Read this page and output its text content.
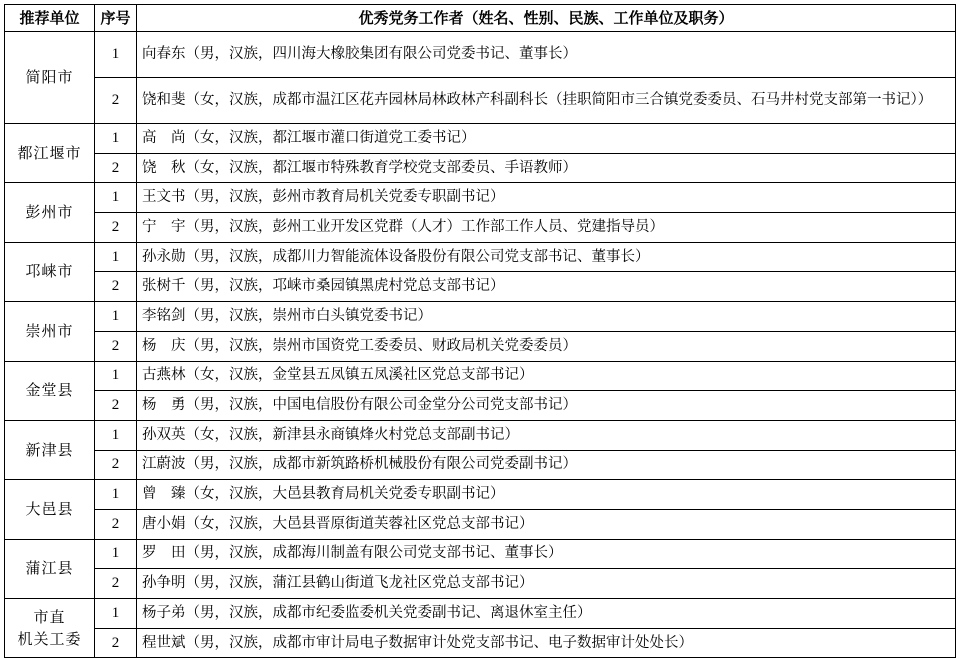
推荐单位	序号	优秀党务工作者（姓名、性别、民族、工作单位及职务）
简阳市	1	向春东（男，汉族，四川海大橡胶集团有限公司党委书记、董事长）
	2	饶和斐（女，汉族，成都市温江区花卉园林局林政林产科副科长（挂职简阳市三合镇党委委员、石马井村党支部第一书记））
都江堰市	1	高　尚（女，汉族，都江堰市灌口街道党工委书记）
	2	饶　秋（女，汉族，都江堰市特殊教育学校党支部委员、手语教师）
彭州市	1	王文书（男，汉族，彭州市教育局机关党委专职副书记）
	2	宁　宇（男，汉族，彭州工业开发区党群（人才）工作部工作人员、党建指导员）
邛崃市	1	孙永勋（男，汉族，成都川力智能流体设备股份有限公司党支部书记、董事长）
	2	张树千（男，汉族，邛崃市桑园镇黑虎村党总支部书记）
崇州市	1	李铭剑（男，汉族，崇州市白头镇党委书记）
	2	杨　庆（男，汉族，崇州市国资党工委委员、财政局机关党委委员）
金堂县	1	古燕林（女，汉族，金堂县五凤镇五凤溪社区党总支部书记）
	2	杨　勇（男，汉族，中国电信股份有限公司金堂分公司党支部书记）
新津县	1	孙双英（女，汉族，新津县永商镇烽火村党总支部副书记）
	2	江蔚波（男，汉族，成都市新筑路桥机械股份有限公司党委副书记）
大邑县	1	曾　臻（女，汉族，大邑县教育局机关党委专职副书记）
	2	唐小娟（女，汉族，大邑县晋原街道芙蓉社区党总支部书记）
蒲江县	1	罗　田（男，汉族，成都海川制盖有限公司党支部书记、董事长）
	2	孙争明（男，汉族，蒲江县鹤山街道飞龙社区党总支部书记）
市直
机关工委	1	杨子弟（男，汉族，成都市纪委监委机关党委副书记、离退休室主任）
	2	程世斌（男，汉族，成都市审计局电子数据审计处党支部书记、电子数据审计处处长）
